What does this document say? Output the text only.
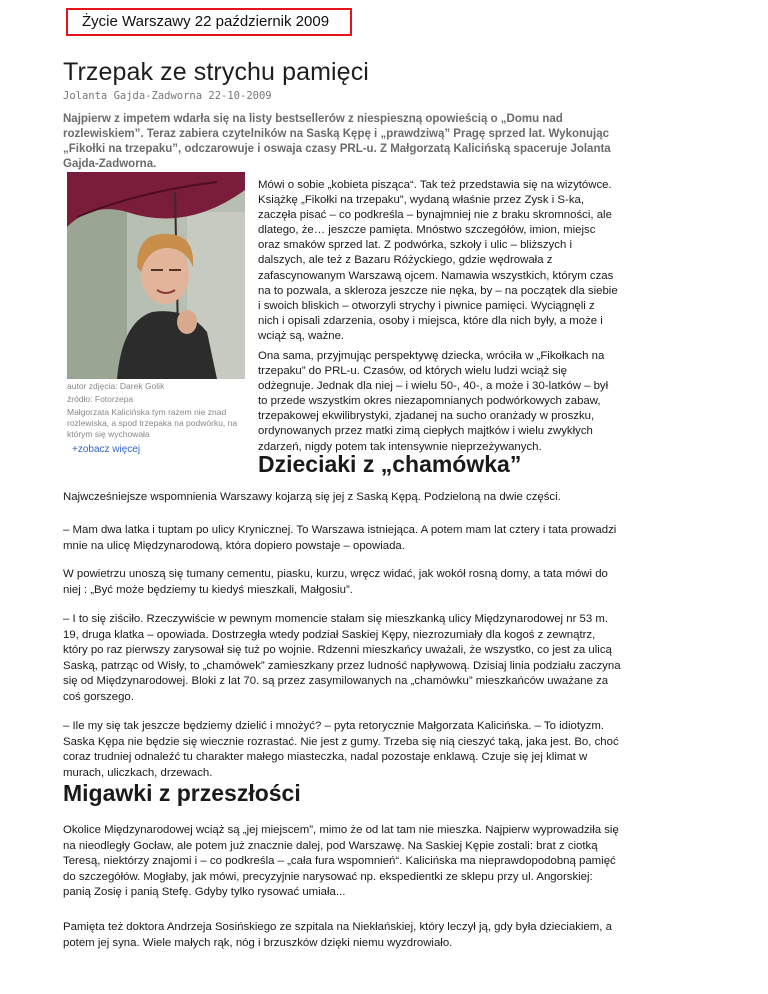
Życie Warszawy 22 październik 2009
Trzepak ze strychu pamięci
Jolanta Gajda-Zadworna 22-10-2009

Najpierw z impetem wdarła się na listy bestsellerów z niespieszną opowieścią o „Domu nad rozlewiskiem”. Teraz zabiera czytelników na Saską Kępę i „prawdziwą” Pragę sprzed lat. Wykonując „Fikołki na trzepaku”, odczarowuje i oswaja czasy PRL-u. Z Małgorzatą Kalicińską spaceruje Jolanta Gajda-Zadworna.

autor zdjęcia: Darek Golik
źródło: Fotorzepa
Małgorzata Kalicińska tym razem nie znad rozlewiska, a spod trzepaka na podwórku, na którym się wychowała
+zobacz więcej

Mówi o sobie „kobieta pisząca“. Tak też przedstawia się na wizytówce. Książkę „Fikołki na trzepaku”, wydaną właśnie przez Zysk i S-ka, zaczęła pisać – co podkreśla – bynajmniej nie z braku skromności, ale dlatego, że… jeszcze pamięta. Mnóstwo szczegółów, imion, miejsc oraz smaków sprzed lat. Z podwórka, szkoły i ulic – bliższych i dalszych, ale też z Bazaru Różyckiego, gdzie wędrowała z zafascynowanym Warszawą ojcem. Namawia wszystkich, którym czas na to pozwala, a skleroza jeszcze nie nęka, by – na początek dla siebie i swoich bliskich – otworzyli strychy i piwnice pamięci. Wyciągnęli z nich i opisali zdarzenia, osoby i miejsca, które dla nich były, a może i wciąż są, ważne.

Ona sama, przyjmując perspektywę dziecka, wróciła w „Fikołkach na trzepaku” do PRL-u. Czasów, od których wielu ludzi wciąż się odżegnuje. Jednak dla niej – i wielu 50-, 40-, a może i 30-latków – był to przede wszystkim okres niezapomnianych podwórkowych zabaw, trzepakowej ekwilibrystyki, zjadanej na sucho oranżady w proszku, ordynowanych przez matki zimą ciepłych majtków i wielu zwykłych zdarzeń, nigdy potem tak intensywnie nieprzeżywanych.

Dzieciaki z „chamówka”

Najwcześniejsze wspomnienia Warszawy kojarzą się jej z Saską Kępą. Podzieloną na dwie części.

– Mam dwa latka i tuptam po ulicy Krynicznej. To Warszawa istniejąca. A potem mam lat cztery i tata prowadzi mnie na ulicę Międzynarodową, która dopiero powstaje – opowiada.

W powietrzu unoszą się tumany cementu, piasku, kurzu, wręcz widać, jak wokół rosną domy, a tata mówi do niej : „Być może będziemy tu kiedyś mieszkali, Małgosiu”.

– I to się ziściło. Rzeczywiście w pewnym momencie stałam się mieszkanką ulicy Międzynarodowej nr 53 m. 19, druga klatka – opowiada. Dostrzegła wtedy podział Saskiej Kępy, niezrozumiały dla kogoś z zewnątrz, który po raz pierwszy zarysował się tuż po wojnie. Rdzenni mieszkańcy uważali, że wszystko, co jest za ulicą Saską, patrząc od Wisły, to „chamówek” zamieszkany przez ludność napływową. Dzisiaj linia podziału zaczyna się od Międzynarodowej. Bloki z lat 70. są przez zasymilowanych na „chamówku” mieszkańców uważane za coś gorszego.

– Ile my się tak jeszcze będziemy dzielić i mnożyć? – pyta retorycznie Małgorzata Kalicińska. – To idiotyzm. Saska Kępa nie będzie się wiecznie rozrastać. Nie jest z gumy. Trzeba się nią cieszyć taką, jaka jest. Bo, choć coraz trudniej odnaleźć tu charakter małego miasteczka, nadal pozostaje enklawą. Czuje się jej klimat w murach, uliczkach, drzewach.

Migawki z przeszłości

Okolice Międzynarodowej wciąż są „jej miejscem”, mimo że od lat tam nie mieszka. Najpierw wyprowadziła się na nieodległy Gocław, ale potem już znacznie dalej, pod Warszawę. Na Saskiej Kępie zostali: brat z ciotką Teresą, niektórzy znajomi i – co podkreśla – „cała fura wspomnień“. Kalicińska ma nieprawdopodobną pamięć do szczegółów. Mogłaby, jak mówi, precyzyjnie narysować np. ekspedientki ze sklepu przy ul. Angorskiej: panią Zosię i panią Stefę. Gdyby tylko rysować umiała...

Pamięta też doktora Andrzeja Sosińskiego ze szpitala na Niekłańskiej, który leczył ją, gdy była dzieciakiem, a potem jej syna. Wiele małych rąk, nóg i brzuszków dzięki niemu wyzdrowiało.
